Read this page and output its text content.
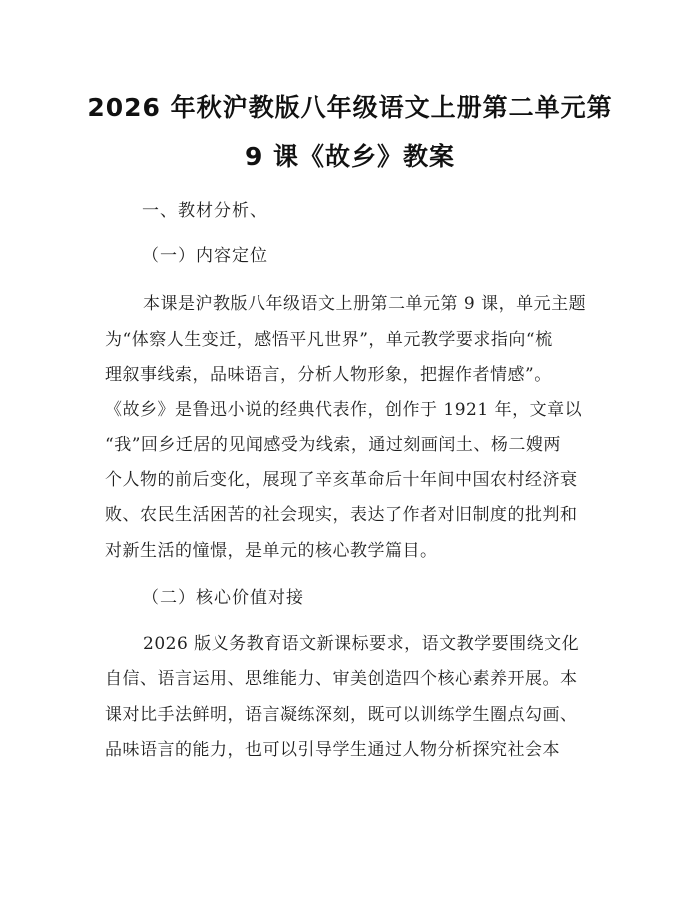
2026 年秋沪教版八年级语文上册第二单元第
9 课《故乡》教案
一、教材分析、
（一）内容定位
本课是沪教版八年级语文上册第二单元第 9 课，单元主题
为“体察人生变迁，感悟平凡世界”，单元教学要求指向“梳
理叙事线索，品味语言，分析人物形象，把握作者情感”。
《故乡》是鲁迅小说的经典代表作，创作于 1921 年，文章以
“我”回乡迁居的见闻感受为线索，通过刻画闰土、杨二嫂两
个人物的前后变化，展现了辛亥革命后十年间中国农村经济衰
败、农民生活困苦的社会现实，表达了作者对旧制度的批判和
对新生活的憧憬，是单元的核心教学篇目。
（二）核心价值对接
2026 版义务教育语文新课标要求，语文教学要围绕文化
自信、语言运用、思维能力、审美创造四个核心素养开展。本
课对比手法鲜明，语言凝练深刻，既可以训练学生圈点勾画、
品味语言的能力，也可以引导学生通过人物分析探究社会本
